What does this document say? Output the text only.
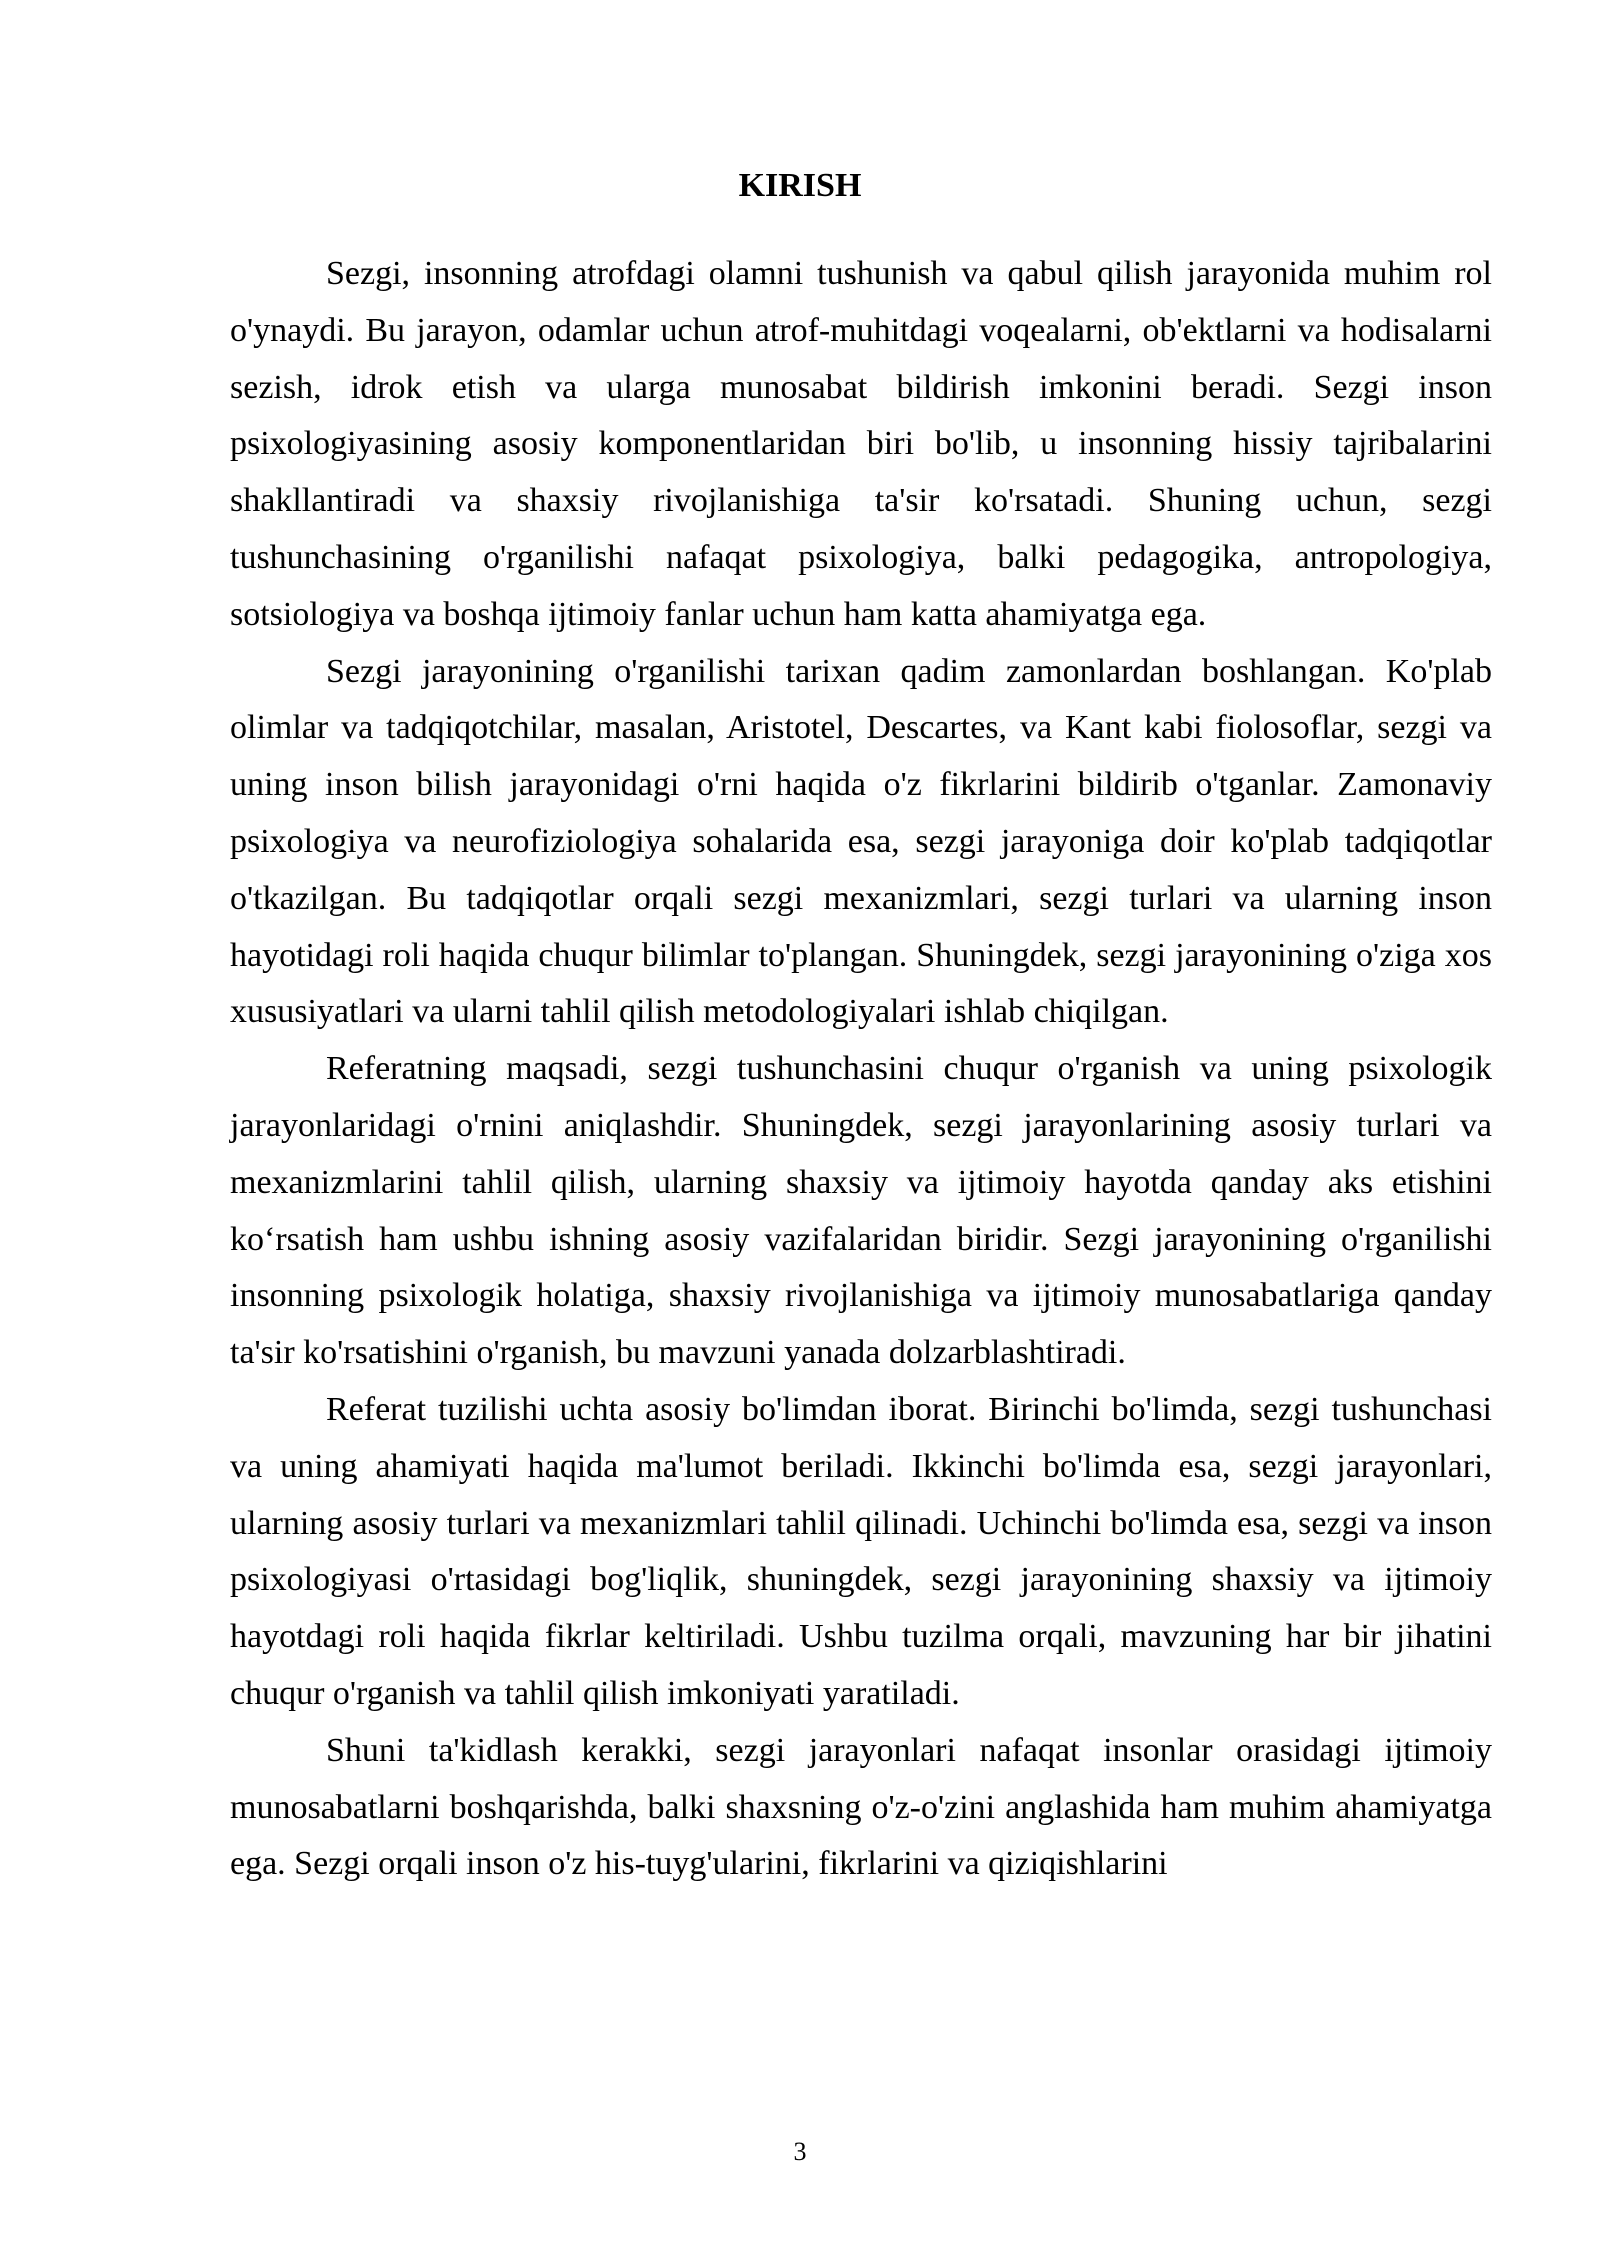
KIRISH

Sezgi, insonning atrofdagi olamni tushunish va qabul qilish jarayonida muhim rol o'ynaydi. Bu jarayon, odamlar uchun atrof-muhitdagi voqealarni, ob'ektlarni va hodisalarni sezish, idrok etish va ularga munosabat bildirish imkonini beradi. Sezgi inson psixologiyasining asosiy komponentlaridan biri bo'lib, u insonning hissiy tajribalarini shakllantiradi va shaxsiy rivojlanishiga ta'sir ko'rsatadi. Shuning uchun, sezgi tushunchasining o'rganilishi nafaqat psixologiya, balki pedagogika, antropologiya, sotsiologiya va boshqa ijtimoiy fanlar uchun ham katta ahamiyatga ega.

Sezgi jarayonining o'rganilishi tarixan qadim zamonlardan boshlangan. Ko'plab olimlar va tadqiqotchilar, masalan, Aristotel, Descartes, va Kant kabi fiolosoflar, sezgi va uning inson bilish jarayonidagi o'rni haqida o'z fikrlarini bildirib o'tganlar. Zamonaviy psixologiya va neurofiziologiya sohalarida esa, sezgi jarayoniga doir ko'plab tadqiqotlar o'tkazilgan. Bu tadqiqotlar orqali sezgi mexanizmlari, sezgi turlari va ularning inson hayotidagi roli haqida chuqur bilimlar to'plangan. Shuningdek, sezgi jarayonining o'ziga xos xususiyatlari va ularni tahlil qilish metodologiyalari ishlab chiqilgan.

Referatning maqsadi, sezgi tushunchasini chuqur o'rganish va uning psixologik jarayonlaridagi o'rnini aniqlashdir. Shuningdek, sezgi jarayonlarining asosiy turlari va mexanizmlarini tahlil qilish, ularning shaxsiy va ijtimoiy hayotda qanday aks etishini ko‘rsatish ham ushbu ishning asosiy vazifalaridan biridir. Sezgi jarayonining o'rganilishi insonning psixologik holatiga, shaxsiy rivojlanishiga va ijtimoiy munosabatlariga qanday ta'sir ko'rsatishini o'rganish, bu mavzuni yanada dolzarblashtiradi.

Referat tuzilishi uchta asosiy bo'limdan iborat. Birinchi bo'limda, sezgi tushunchasi va uning ahamiyati haqida ma'lumot beriladi. Ikkinchi bo'limda esa, sezgi jarayonlari, ularning asosiy turlari va mexanizmlari tahlil qilinadi. Uchinchi bo'limda esa, sezgi va inson psixologiyasi o'rtasidagi bog'liqlik, shuningdek, sezgi jarayonining shaxsiy va ijtimoiy hayotdagi roli haqida fikrlar keltiriladi. Ushbu tuzilma orqali, mavzuning har bir jihatini chuqur o'rganish va tahlil qilish imkoniyati yaratiladi.

Shuni ta'kidlash kerakki, sezgi jarayonlari nafaqat insonlar orasidagi ijtimoiy munosabatlarni boshqarishda, balki shaxsning o'z-o'zini anglashida ham muhim ahamiyatga ega. Sezgi orqali inson o'z his-tuyg'ularini, fikrlarini va qiziqishlarini

3
